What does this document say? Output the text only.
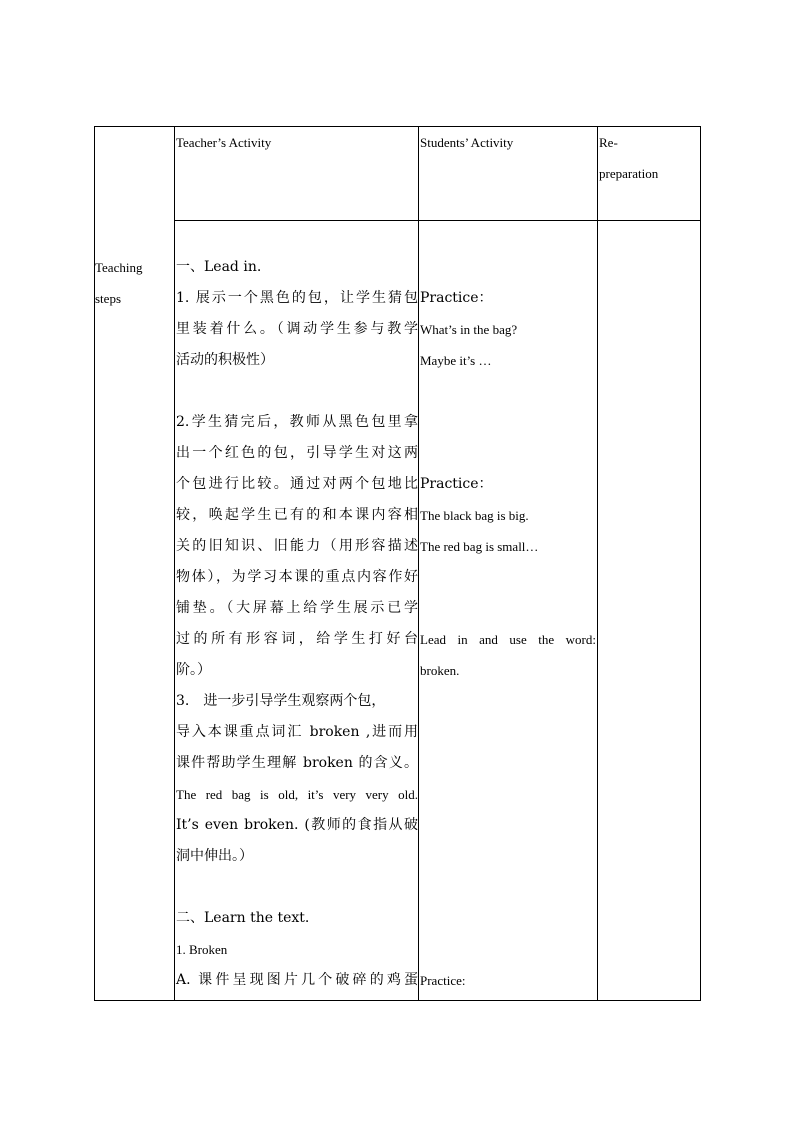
Teacher’s Activity	Students’ Activity	Re-
preparation
Teaching
steps
一、Lead in.
1. 展示一个黑色的包，让学生猜包
里装着什么。（调动学生参与教学
活动的积极性）
2.学生猜完后，教师从黑色包里拿
出一个红色的包，引导学生对这两
个包进行比较。通过对两个包地比
较，唤起学生已有的和本课内容相
关的旧知识、旧能力（用形容描述
物体），为学习本课的重点内容作好
铺垫。（大屏幕上给学生展示已学
过的所有形容词，给学生打好台
阶。）
3.　进一步引导学生观察两个包，
导入本课重点词汇 broken ,进而用
课件帮助学生理解 broken 的含义。
The red bag is old, it’s very very old.
It’s even broken. (教师的食指从破
洞中伸出。）
二、Learn the text.
1. Broken
A. 课件呈现图片几个破碎的鸡蛋
Practice：
What’s in the bag?
Maybe it’s …
Practice：
The black bag is big.
The red bag is small…
Lead in and use the word:
broken.
Practice:
